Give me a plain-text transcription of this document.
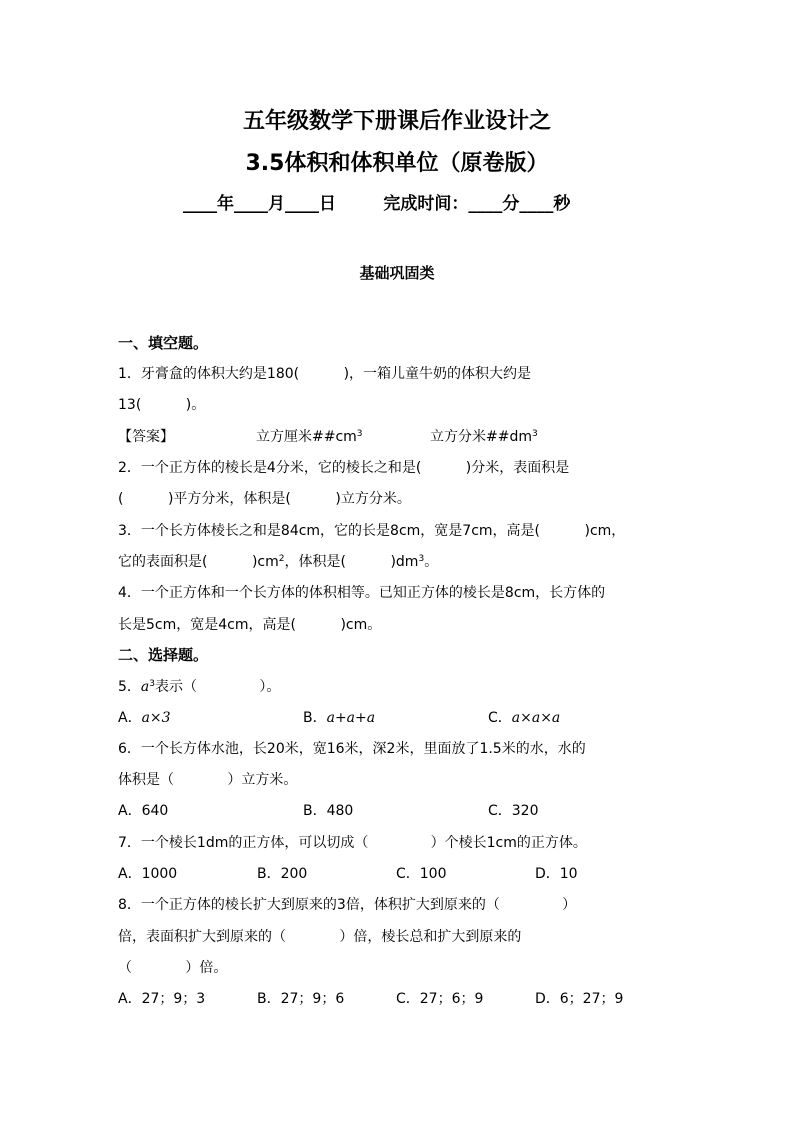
五年级数学下册课后作业设计之
3.5体积和体积单位（原卷版）
____年____月____日        完成时间：____分____秒
基础巩固类
一、填空题。
1．牙膏盒的体积大约是180(          )，一箱儿童牛奶的体积大约是
13(          )。
【答案】	立方厘米$\#\#cm^3$	立方分米$\#\#dm^3$
2．一个正方体的棱长是4分米，它的棱长之和是(          )分米，表面积是
(          )平方分米，体积是(          )立方分米。
3．一个长方体棱长之和是84cm，它的长是8cm，宽是7cm，高是(          )cm，
它的表面积是(          )$cm^2$，体积是(          )$dm^3$。
4．一个正方体和一个长方体的体积相等。已知正方体的棱长是8cm，长方体的
长是5cm，宽是4cm，高是(          )cm。
二、选择题。
5．$a^3$表示（              ）。
A．a×3	B．a+a+a	C．a×a×a
6．一个长方体水池，长20米，宽16米，深2米，里面放了1.5米的水，水的
体积是（            ）立方米。
A．640	B．480	C．320
7．一个棱长1dm的正方体，可以切成（              ）个棱长1cm的正方体。
A．1000	B．200	C．100	D．10
8．一个正方体的棱长扩大到原来的3倍，体积扩大到原来的（              ）
倍，表面积扩大到原来的（            ）倍，棱长总和扩大到原来的
（            ）倍。
A．27；9；3	B．27；9；6	C．27；6；9	D．6；27；9
